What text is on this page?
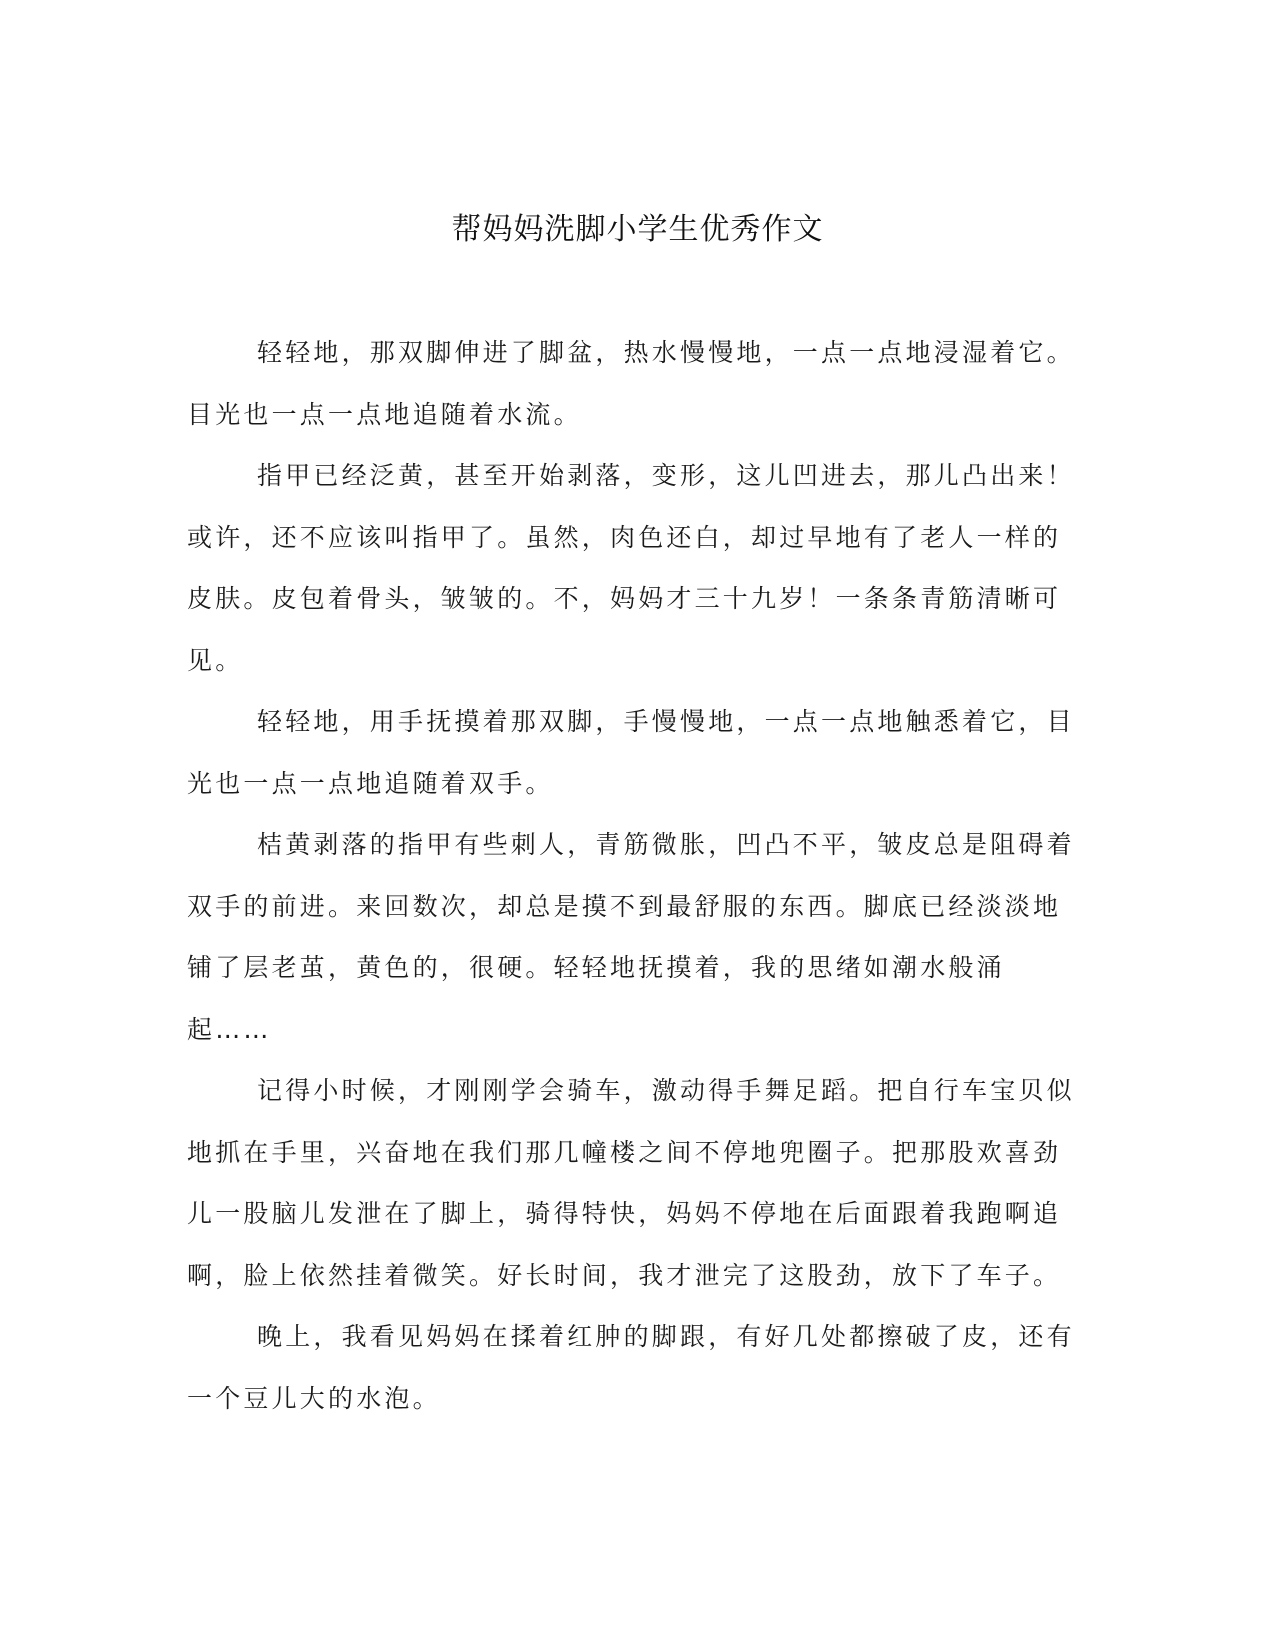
帮妈妈洗脚小学生优秀作文

轻轻地，那双脚伸进了脚盆，热水慢慢地，一点一点地浸湿着它。目光也一点一点地追随着水流。

指甲已经泛黄，甚至开始剥落，变形，这儿凹进去，那儿凸出来！或许，还不应该叫指甲了。虽然，肉色还白，却过早地有了老人一样的皮肤。皮包着骨头，皱皱的。不，妈妈才三十九岁！一条条青筋清晰可见。

轻轻地，用手抚摸着那双脚，手慢慢地，一点一点地触悉着它，目光也一点一点地追随着双手。

桔黄剥落的指甲有些刺人，青筋微胀，凹凸不平，皱皮总是阻碍着双手的前进。来回数次，却总是摸不到最舒服的东西。脚底已经淡淡地铺了层老茧，黄色的，很硬。轻轻地抚摸着，我的思绪如潮水般涌起……

记得小时候，才刚刚学会骑车，激动得手舞足蹈。把自行车宝贝似地抓在手里，兴奋地在我们那几幢楼之间不停地兜圈子。把那股欢喜劲儿一股脑儿发泄在了脚上，骑得特快，妈妈不停地在后面跟着我跑啊追啊，脸上依然挂着微笑。好长时间，我才泄完了这股劲，放下了车子。

晚上，我看见妈妈在揉着红肿的脚跟，有好几处都擦破了皮，还有一个豆儿大的水泡。
